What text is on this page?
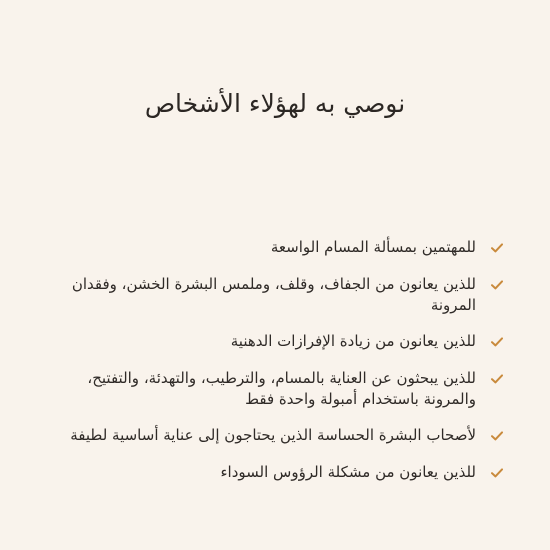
نوصي به لهؤلاء الأشخاص
للمهتمين بمسألة المسام الواسعة
للذين يعانون من الجفاف، وقلف، وملمس البشرة الخشن، وفقدان المرونة
للذين يعانون من زيادة الإفرازات الدهنية
للذين يبحثون عن العناية بالمسام، والترطيب، والتهدئة، والتفتيح، والمرونة باستخدام أمبولة واحدة فقط
لأصحاب البشرة الحساسة الذين يحتاجون إلى عناية أساسية لطيفة
للذين يعانون من مشكلة الرؤوس السوداء
